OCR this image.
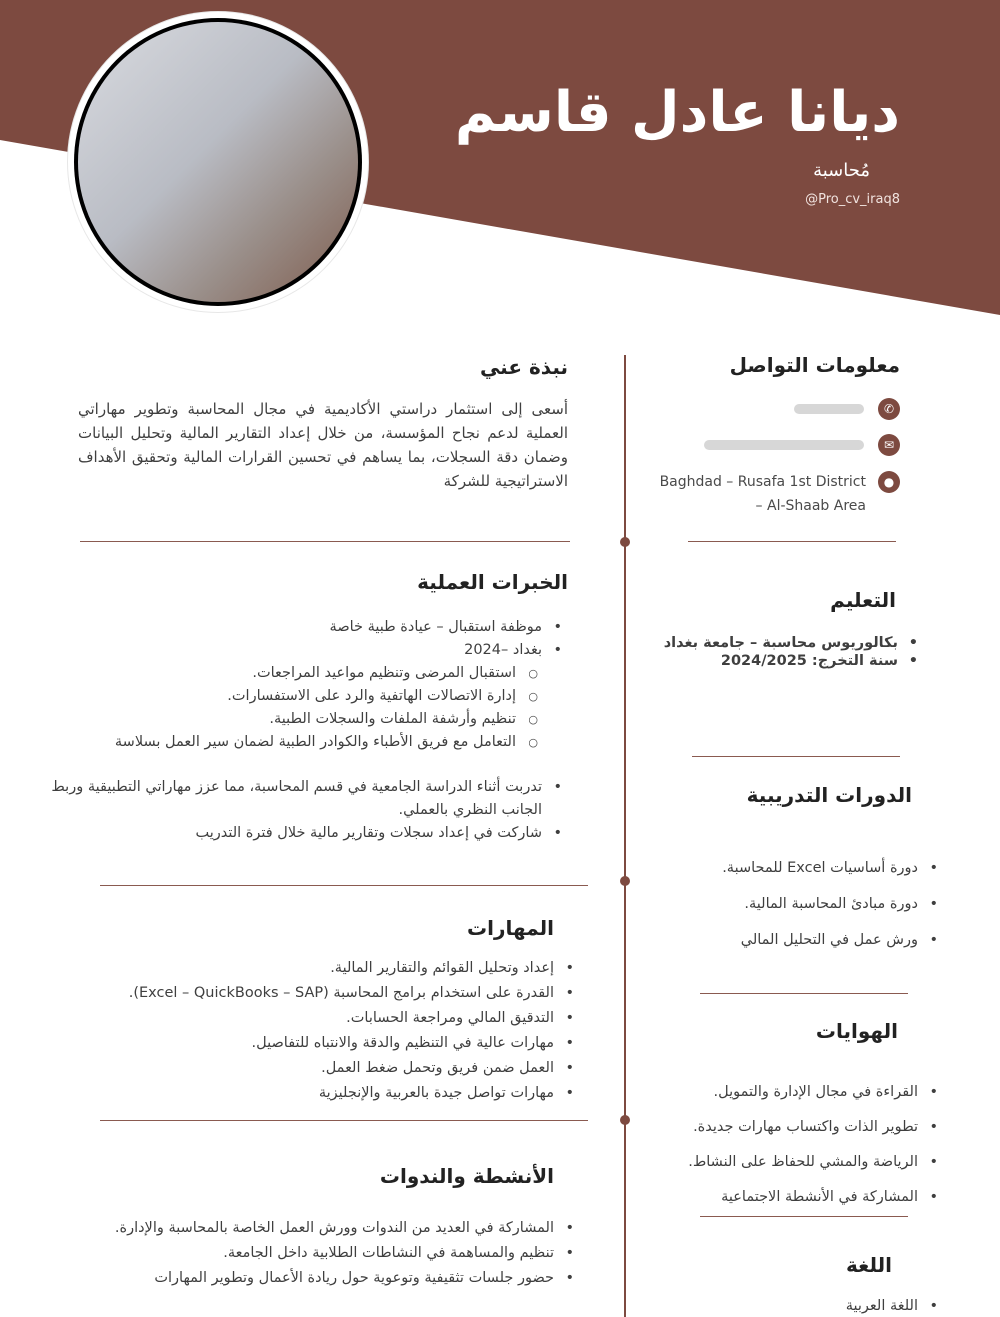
ديانا عادل قاسم
مُحاسبة
@Pro_cv_iraq8
معلومات التواصل
✆
✉
●
Baghdad – Rusafa 1st District
– Al-Shaab Area
التعليم
• بكالوريوس محاسبة – جامعة بغداد
• سنة التخرج: 2024/2025
الدورات التدريبية
• دورة أساسيات Excel للمحاسبة.
• دورة مبادئ المحاسبة المالية.
• ورش عمل في التحليل المالي
الهوايات
• القراءة في مجال الإدارة والتمويل.
• تطوير الذات واكتساب مهارات جديدة.
• الرياضة والمشي للحفاظ على النشاط.
• المشاركة في الأنشطة الاجتماعية
اللغة
• اللغة العربية
نبذة عني
أسعى إلى استثمار دراستي الأكاديمية في مجال المحاسبة وتطوير مهاراتي العملية لدعم نجاح المؤسسة، من خلال إعداد التقارير المالية وتحليل البيانات وضمان دقة السجلات، بما يساهم في تحسين القرارات المالية وتحقيق الأهداف الاستراتيجية للشركة
الخبرات العملية
• موظفة استقبال – عيادة طبية خاصة
• بغداد –2024
○ استقبال المرضى وتنظيم مواعيد المراجعات.
○ إدارة الاتصالات الهاتفية والرد على الاستفسارات.
○ تنظيم وأرشفة الملفات والسجلات الطبية.
○ التعامل مع فريق الأطباء والكوادر الطبية لضمان سير العمل بسلاسة
• تدربت أثناء الدراسة الجامعية في قسم المحاسبة، مما عزز مهاراتي التطبيقية وربط الجانب النظري بالعملي.
• شاركت في إعداد سجلات وتقارير مالية خلال فترة التدريب
المهارات
• إعداد وتحليل القوائم والتقارير المالية.
• القدرة على استخدام برامج المحاسبة (Excel – QuickBooks – SAP).
• التدقيق المالي ومراجعة الحسابات.
• مهارات عالية في التنظيم والدقة والانتباه للتفاصيل.
• العمل ضمن فريق وتحمل ضغط العمل.
• مهارات تواصل جيدة بالعربية والإنجليزية
الأنشطة والندوات
• المشاركة في العديد من الندوات وورش العمل الخاصة بالمحاسبة والإدارة.
• تنظيم والمساهمة في النشاطات الطلابية داخل الجامعة.
• حضور جلسات تثقيفية وتوعوية حول ريادة الأعمال وتطوير المهارات
